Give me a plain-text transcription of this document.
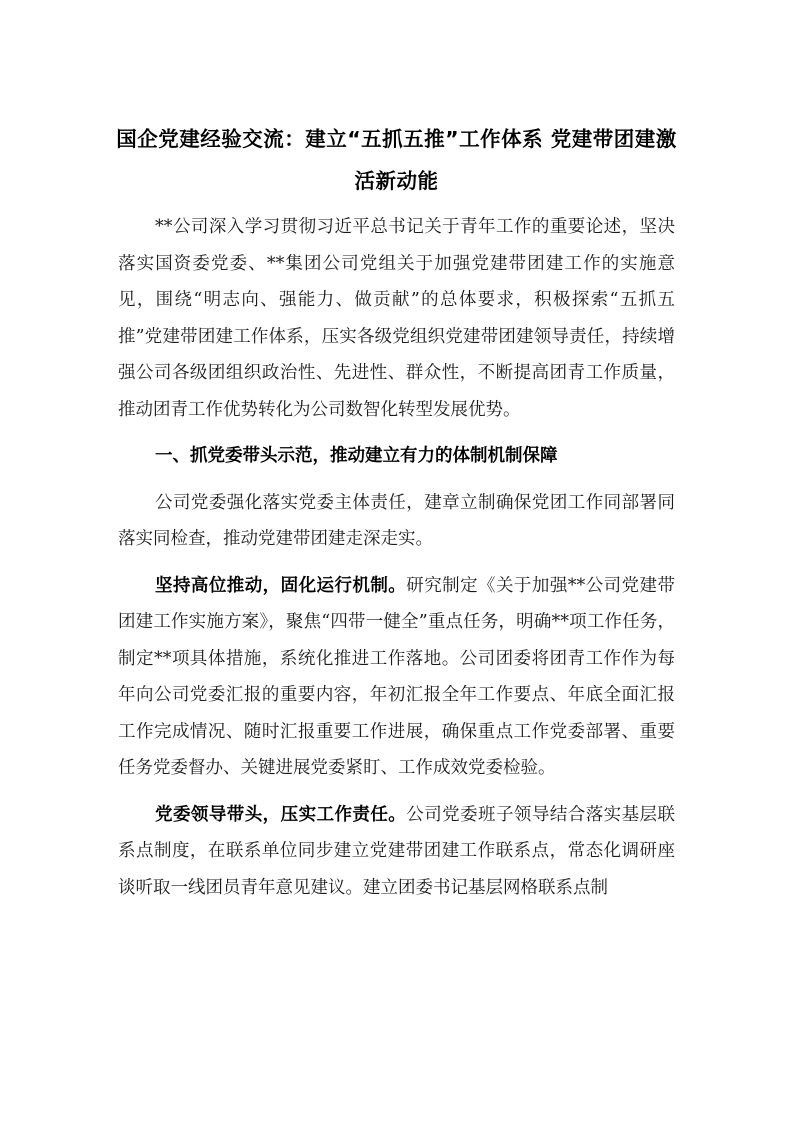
国企党建经验交流：建立“五抓五推”工作体系 党建带团建激活新动能

**公司深入学习贯彻习近平总书记关于青年工作的重要论述，坚决落实国资委党委、**集团公司党组关于加强党建带团建工作的实施意见，围绕“明志向、强能力、做贡献”的总体要求，积极探索“五抓五推”党建带团建工作体系，压实各级党组织党建带团建领导责任，持续增强公司各级团组织政治性、先进性、群众性，不断提高团青工作质量，推动团青工作优势转化为公司数智化转型发展优势。

一、抓党委带头示范，推动建立有力的体制机制保障

公司党委强化落实党委主体责任，建章立制确保党团工作同部署同落实同检查，推动党建带团建走深走实。

坚持高位推动，固化运行机制。研究制定《关于加强**公司党建带团建工作实施方案》，聚焦“四带一健全”重点任务，明确**项工作任务，制定**项具体措施，系统化推进工作落地。公司团委将团青工作作为每年向公司党委汇报的重要内容，年初汇报全年工作要点、年底全面汇报工作完成情况、随时汇报重要工作进展，确保重点工作党委部署、重要任务党委督办、关键进展党委紧盯、工作成效党委检验。

党委领导带头，压实工作责任。公司党委班子领导结合落实基层联系点制度，在联系单位同步建立党建带团建工作联系点，常态化调研座谈听取一线团员青年意见建议。建立团委书记基层网格联系点制
